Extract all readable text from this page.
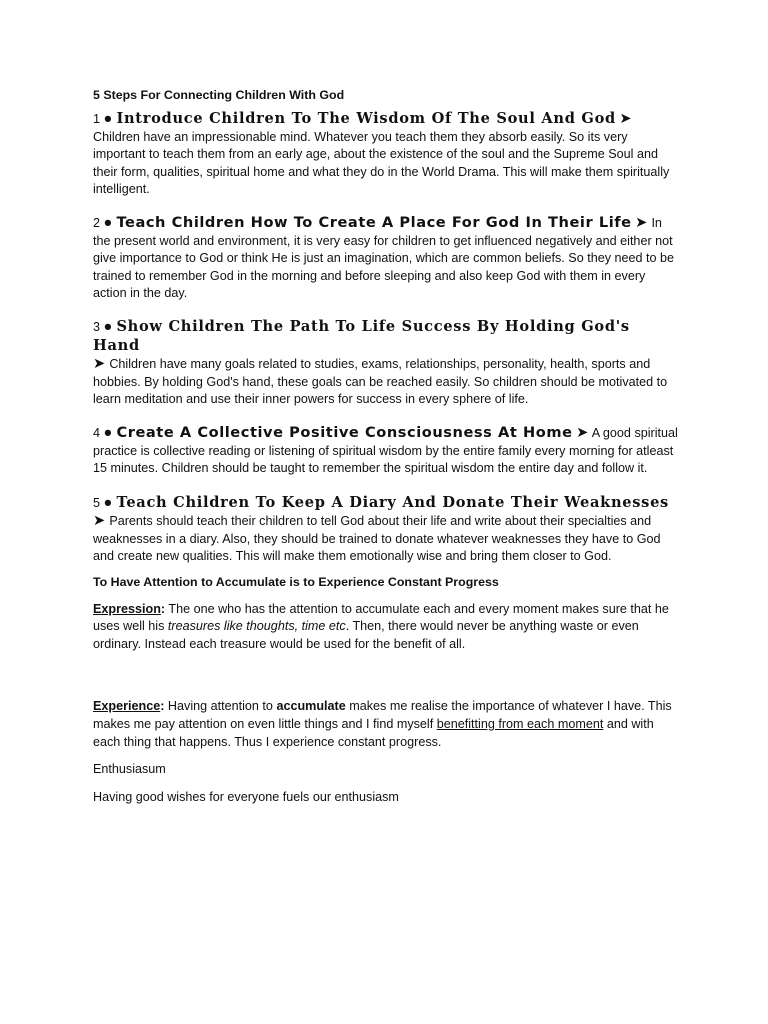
5 Steps For Connecting Children With God
1 ● Introduce Children To The Wisdom Of The Soul And God ➤
Children have an impressionable mind. Whatever you teach them they absorb easily. So its very important to teach them from an early age, about the existence of the soul and the Supreme Soul and their form, qualities, spiritual home and what they do in the World Drama. This will make them spiritually intelligent.
2 ● Teach Children How To Create A Place For God In Their Life ➤ In the present world and environment, it is very easy for children to get influenced negatively and either not give importance to God or think He is just an imagination, which are common beliefs. So they need to be trained to remember God in the morning and before sleeping and also keep God with them in every action in the day.
3 ● Show Children The Path To Life Success By Holding God's Hand
➤ Children have many goals related to studies, exams, relationships, personality, health, sports and hobbies. By holding God's hand, these goals can be reached easily. So children should be motivated to learn meditation and use their inner powers for success in every sphere of life.
4 ● Create A Collective Positive Consciousness At Home ➤ A good spiritual practice is collective reading or listening of spiritual wisdom by the entire family every morning for atleast 15 minutes. Children should be taught to remember the spiritual wisdom the entire day and follow it.
5 ● Teach Children To Keep A Diary And Donate Their Weaknesses ➤ Parents should teach their children to tell God about their life and write about their specialties and weaknesses in a diary. Also, they should be trained to donate whatever weaknesses they have to God and create new qualities. This will make them emotionally wise and bring them closer to God.
To Have Attention to Accumulate is to Experience Constant Progress
Expression: The one who has the attention to accumulate each and every moment makes sure that he uses well his treasures like thoughts, time etc. Then, there would never be anything waste or even ordinary. Instead each treasure would be used for the benefit of all.
Experience: Having attention to accumulate makes me realise the importance of whatever I have. This makes me pay attention on even little things and I find myself benefitting from each moment and with each thing that happens. Thus I experience constant progress.
Enthusiasum
Having good wishes for everyone fuels our enthusiasm
